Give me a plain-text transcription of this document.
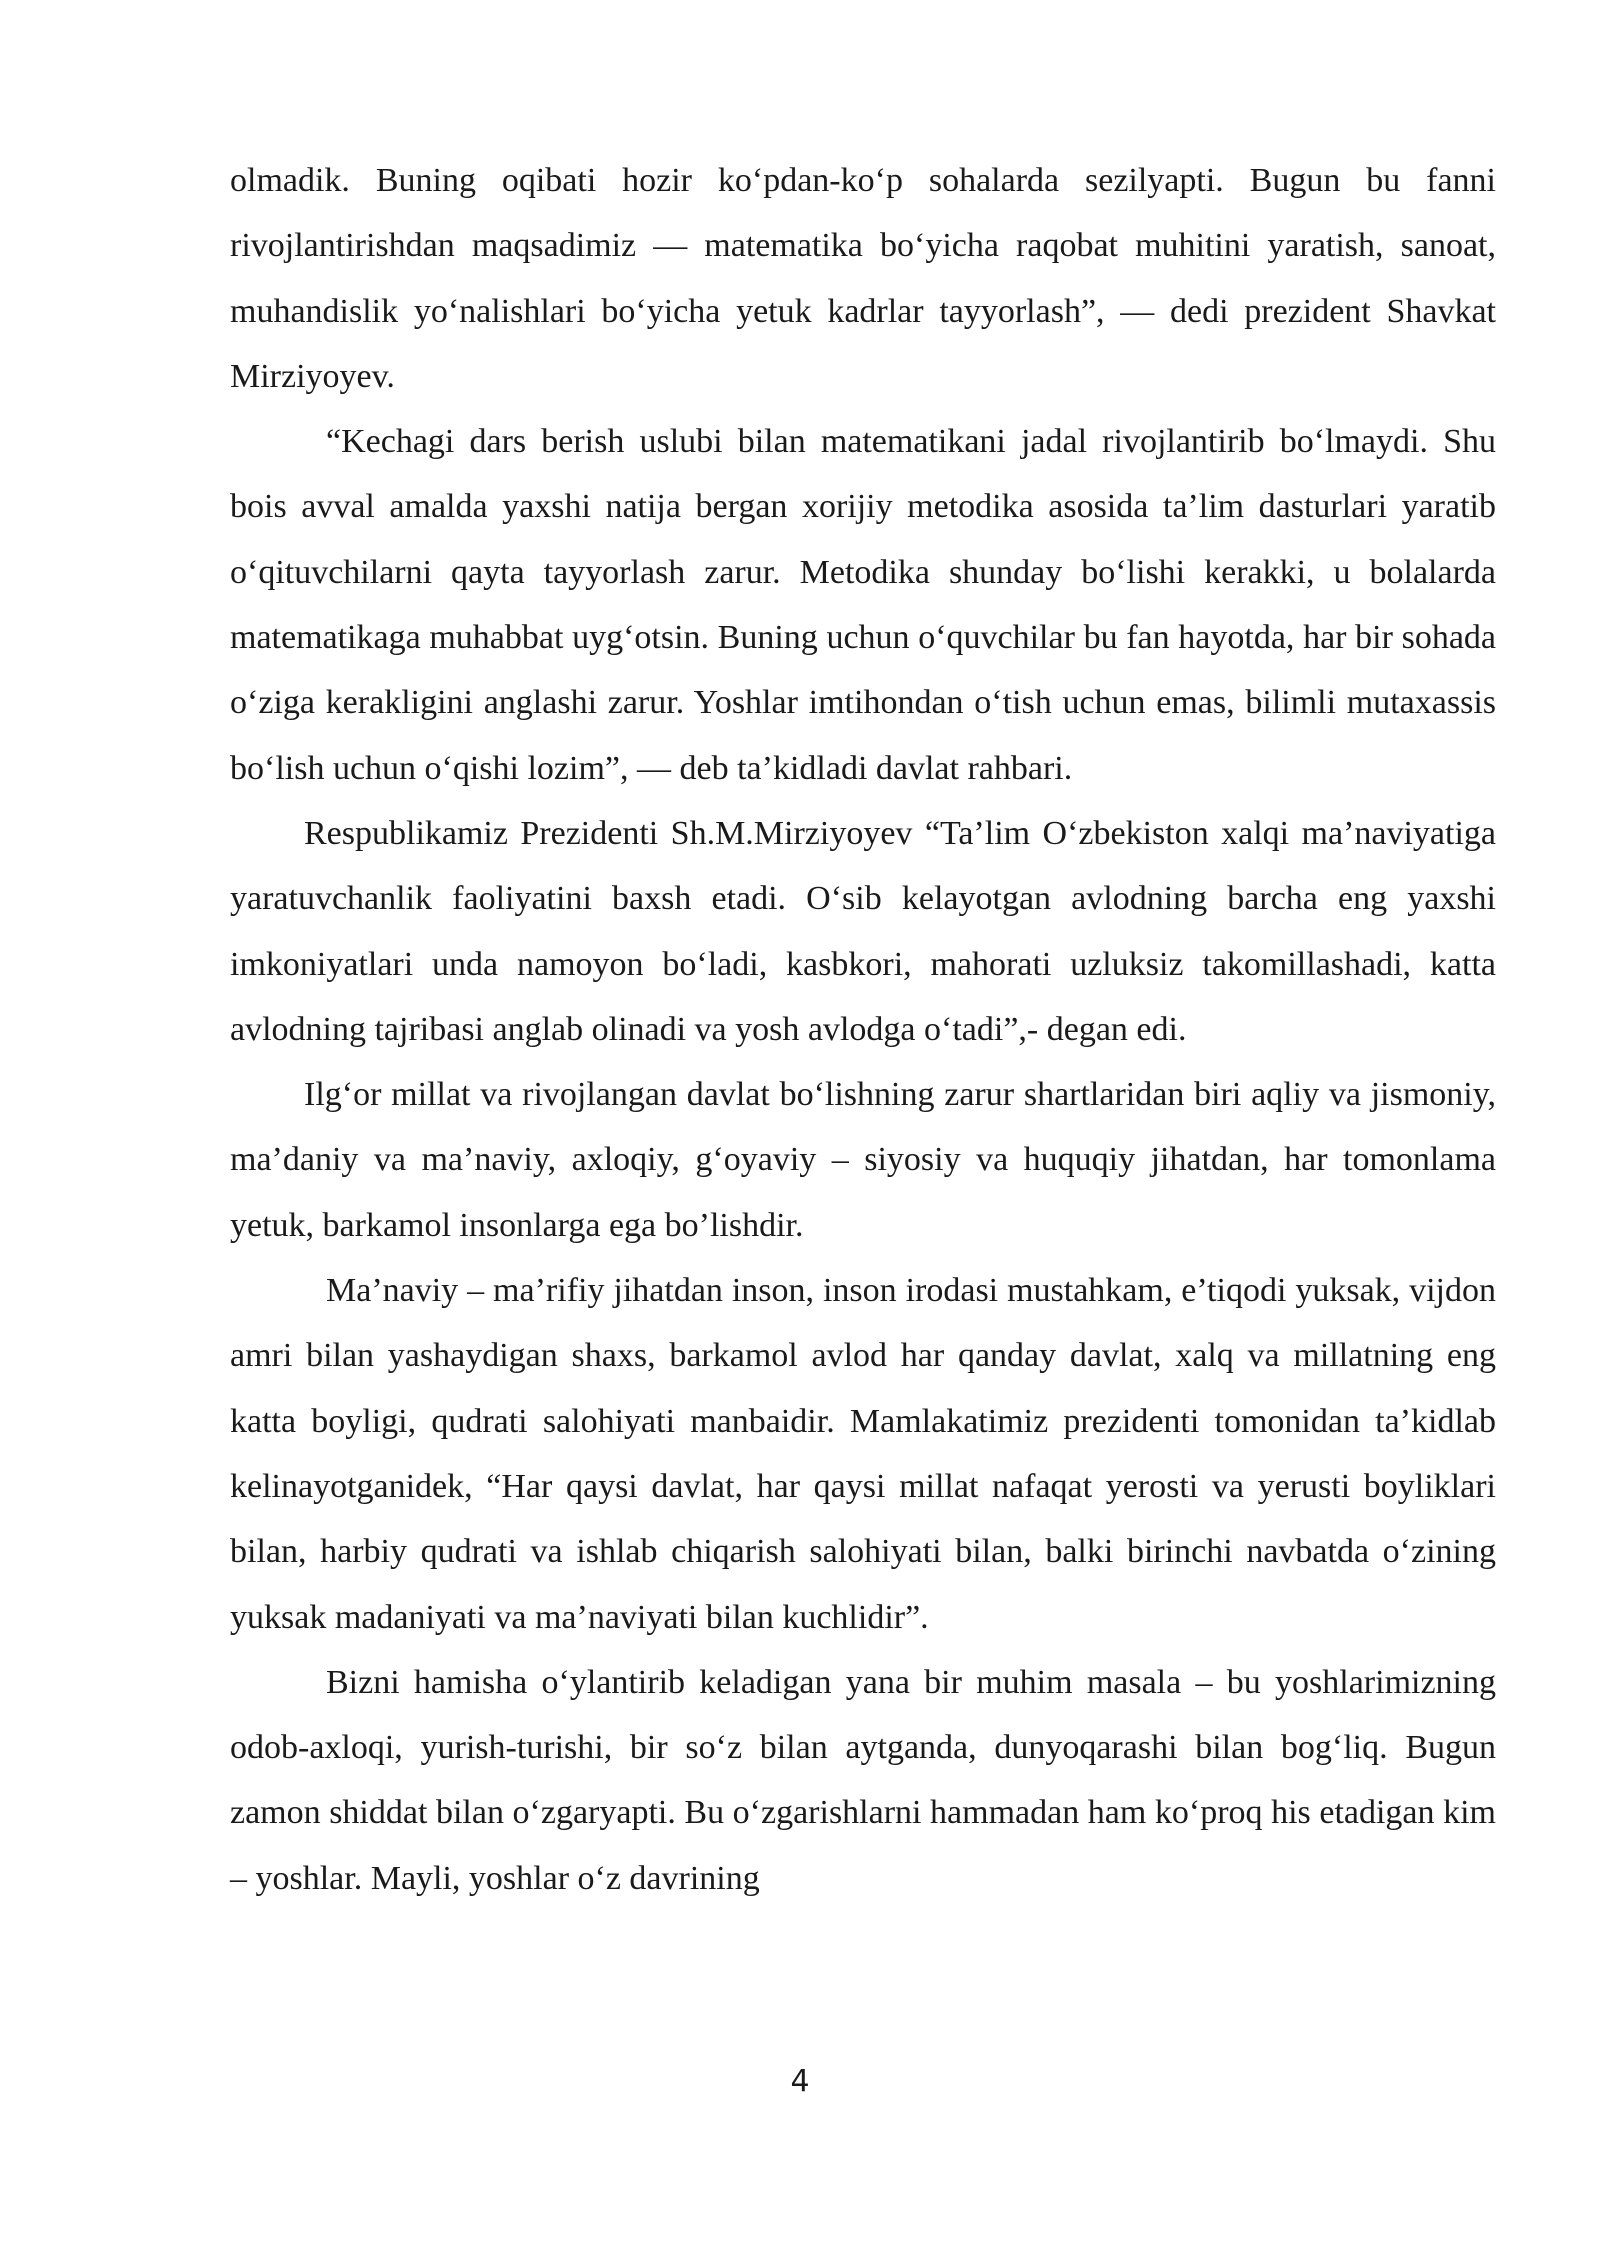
olmadik. Buning oqibati hozir ko‘pdan-ko‘p sohalarda sezilyapti. Bugun bu fanni rivojlantirishdan maqsadimiz — matematika bo‘yicha raqobat muhitini yaratish, sanoat, muhandislik yo‘nalishlari bo‘yicha yetuk kadrlar tayyorlash”, — dedi prezident Shavkat Mirziyoyev.

“Kechagi dars berish uslubi bilan matematikani jadal rivojlantirib bo‘lmaydi. Shu bois avval amalda yaxshi natija bergan xorijiy metodika asosida ta’lim dasturlari yaratib o‘qituvchilarni qayta tayyorlash zarur. Metodika shunday bo‘lishi kerakki, u bolalarda matematikaga muhabbat uyg‘otsin. Buning uchun o‘quvchilar bu fan hayotda, har bir sohada o‘ziga kerakligini anglashi zarur. Yoshlar imtihondan o‘tish uchun emas, bilimli mutaxassis bo‘lish uchun o‘qishi lozim”, — deb ta’kidladi davlat rahbari.

Respublikamiz Prezidenti Sh.M.Mirziyoyev “Ta’lim O‘zbekiston xalqi ma’naviyatiga yaratuvchanlik faoliyatini baxsh etadi. O‘sib kelayotgan avlodning barcha eng yaxshi imkoniyatlari unda namoyon bo‘ladi, kasbkori, mahorati uzluksiz takomillashadi, katta avlodning tajribasi anglab olinadi va yosh avlodga o‘tadi”,- degan edi.

Ilg‘or millat va rivojlangan davlat bo‘lishning zarur shartlaridan biri aqliy va jismoniy, ma’daniy va ma’naviy, axloqiy, g‘oyaviy – siyosiy va huquqiy jihatdan, har tomonlama yetuk, barkamol insonlarga ega bo’lishdir.

Ma’naviy – ma’rifiy jihatdan inson, inson irodasi mustahkam, e’tiqodi yuksak, vijdon amri bilan yashaydigan shaxs, barkamol avlod har qanday davlat, xalq va millatning eng katta boyligi, qudrati salohiyati manbaidir. Mamlakatimiz prezidenti tomonidan ta’kidlab kelinayotganidek, “Har qaysi davlat, har qaysi millat nafaqat yerosti va yerusti boyliklari bilan, harbiy qudrati va ishlab chiqarish salohiyati bilan, balki birinchi navbatda o‘zining yuksak madaniyati va ma’naviyati bilan kuchlidir”.

Bizni hamisha o‘ylantirib keladigan yana bir muhim masala – bu yoshlarimizning odob-axloqi, yurish-turishi, bir so‘z bilan aytganda, dunyoqarashi bilan bog‘liq. Bugun zamon shiddat bilan o‘zgaryapti. Bu o‘zgarishlarni hammadan ham ko‘proq his etadigan kim – yoshlar. Mayli, yoshlar o‘z davrining

4
